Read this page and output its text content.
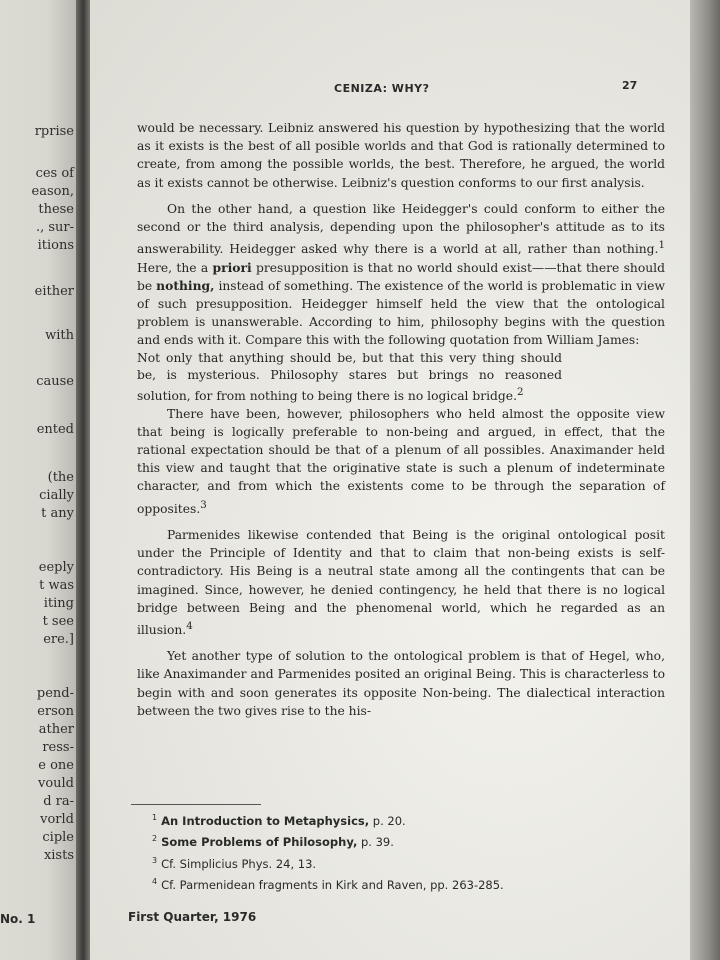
rprise
ces of
eason,
these
., sur-
itions
either
with
cause
ented
(the
cially
t any
eeply
t was
iting
t see
ere.]
pend-
erson
ather
ress-
e one
vould
d ra-
vorld
ciple
xists
No. 1
CENIZA: WHY?	27

would be necessary. Leibniz answered his question by hypothesizing that the world as it exists is the best of all posible worlds and that God is rationally determined to create, from among the possible worlds, the best. Therefore, he argued, the world as it exists cannot be otherwise. Leibniz's question conforms to our first analysis.

On the other hand, a question like Heidegger's could conform to either the second or the third analysis, depending upon the philosopher's attitude as to its answerability. Heidegger asked why there is a world at all, rather than nothing.$^1$ Here, the a priori presupposition is that no world should exist——that there should be nothing, instead of something. The existence of the world is problematic in view of such presupposition. Heidegger himself held the view that the ontological problem is unanswerable. According to him, philosophy begins with the question and ends with it. Compare this with the following quotation from William James:

Not only that anything should be, but that this very thing should be, is mysterious. Philosophy stares but brings no reasoned solution, for from nothing to being there is no logical bridge.$^2$

There have been, however, philosophers who held almost the opposite view that being is logically preferable to non-being and argued, in effect, that the rational expectation should be that of a plenum of all possibles. Anaximander held this view and taught that the originative state is such a plenum of indeterminate character, and from which the existents come to be through the separation of opposites.$^3$

Parmenides likewise contended that Being is the original ontological posit under the Principle of Identity and that to claim that non-being exists is self-contradictory. His Being is a neutral state among all the contingents that can be imagined. Since, however, he denied contingency, he held that there is no logical bridge between Being and the phenomenal world, which he regarded as an illusion.$^4$

Yet another type of solution to the ontological problem is that of Hegel, who, like Anaximander and Parmenides posited an original Being. This is characterless to begin with and soon generates its opposite Non-being. The dialectical interaction between the two gives rise to the his-

$^1$ An Introduction to Metaphysics, p. 20.
$^2$ Some Problems of Philosophy, p. 39.
$^3$ Cf. Simplicius Phys. 24, 13.
$^4$ Cf. Parmenidean fragments in Kirk and Raven, pp. 263-285.
First Quarter, 1976
